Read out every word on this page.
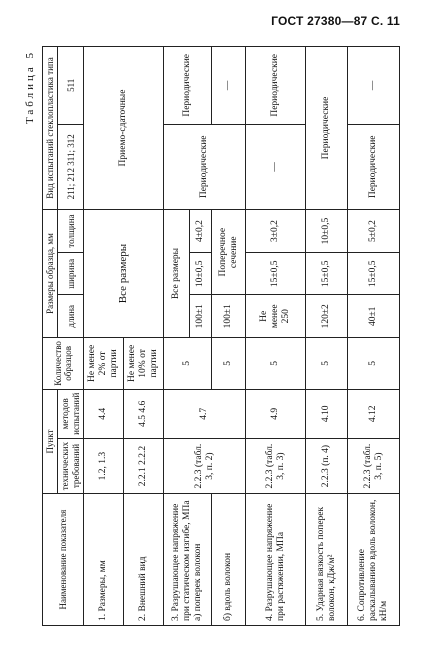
ГОСТ 27380—87 С. 11
Таблица 5
Наименование показателя	Пункт		Количество образцов	Размеры образца, мм			Вид испытаний стеклопластика типа	
	технических требований	методов испытаний		длина	ширина	толщина	211; 212 311; 312	511
1. Размеры, мм	1.2, 1.3	4.4	Не менее 2% от партии	Все размеры			Приемо-сдаточные	
2. Внешний вид	2.2.1 2.2.2	4.5 4.6	Не менее 10% от партии					

3. Разрушающее напряжение при статическом изгибе, МПа а) поперек волокон	2.2.3 (табл. 3, п. 2)	4.7	5	Все размеры			Периодические	Периодические
				100±1	10±0,5	4±0,2		
б) вдоль волокон			5	100±1	Поперечное сечение			—
4. Разрушающее напряжение при растяжении, МПа	2.2.3 (табл. 3, п. 3)	4.9	5	Не менее 250	15±0,5	3±0,2	—	Периодические
5. Ударная вязкость поперек волокон, кДж/м²	2.2.3 (п. 4)	4.10	5	120±2	15±0,5	10±0,5	Периодические	
6. Сопротивление раскалыванию вдоль волокон, кН/м	2.2.3 (табл. 3, п. 5)	4.12	5	40±1	15±0,5	5±0,2	Периодические	—
